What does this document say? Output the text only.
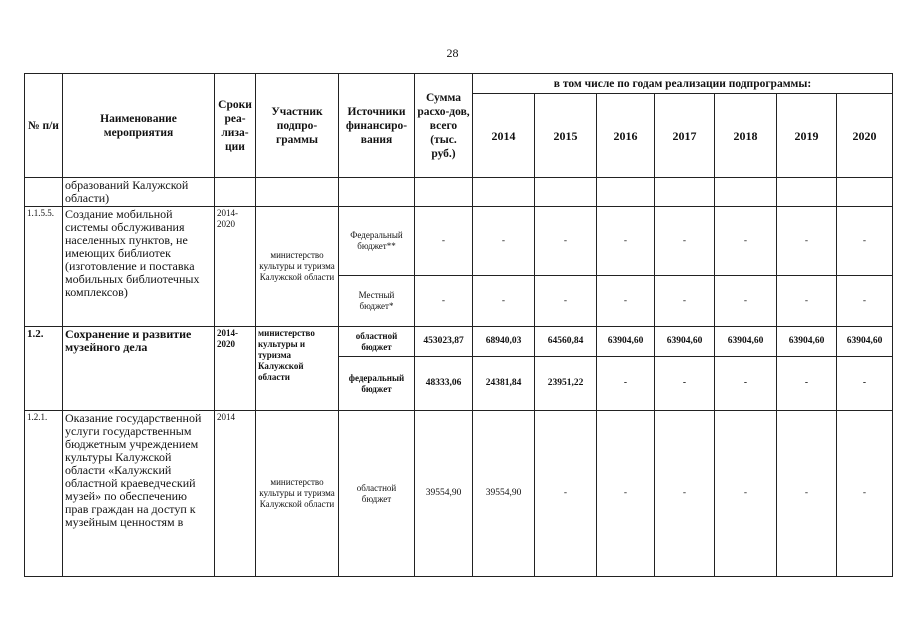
28
№ п/и	Наименование мероприятия	Сроки реа-лиза-ции	Участник подпро-граммы	Источники финансиро-вания	Сумма расхо-дов, всего (тыс. руб.)	в том числе по годам реализации подпрограммы:						
						2014	2015	2016	2017	2018	2019	2020
	образований Калужской области)											
1.1.5.5.	Создание мобильной системы обслуживания населенных пунктов, не имеющих библиотек (изготовление и поставка мобильных библиотечных комплексов)	2014-2020	министерство культуры и туризма Калужской области	Федеральный бюджет**	-	-	-	-	-	-	-	-
				Местный бюджет*	-	-	-	-	-	-	-	-
1.2.	Сохранение и развитие музейного дела	2014-2020	министерство культуры и туризма Калужской области	областной бюджет	453023,87	68940,03	64560,84	63904,60	63904,60	63904,60	63904,60	63904,60
				федеральный бюджет	48333,06	24381,84	23951,22	-	-	-	-	-
1.2.1.	Оказание государственной услуги государственным бюджетным учреждением культуры Калужской области «Калужский областной краеведческий музей» по обеспечению прав граждан на доступ к музейным ценностям в	2014	министерство культуры и туризма Калужской области	областной бюджет	39554,90	39554,90	-	-	-	-	-	-
